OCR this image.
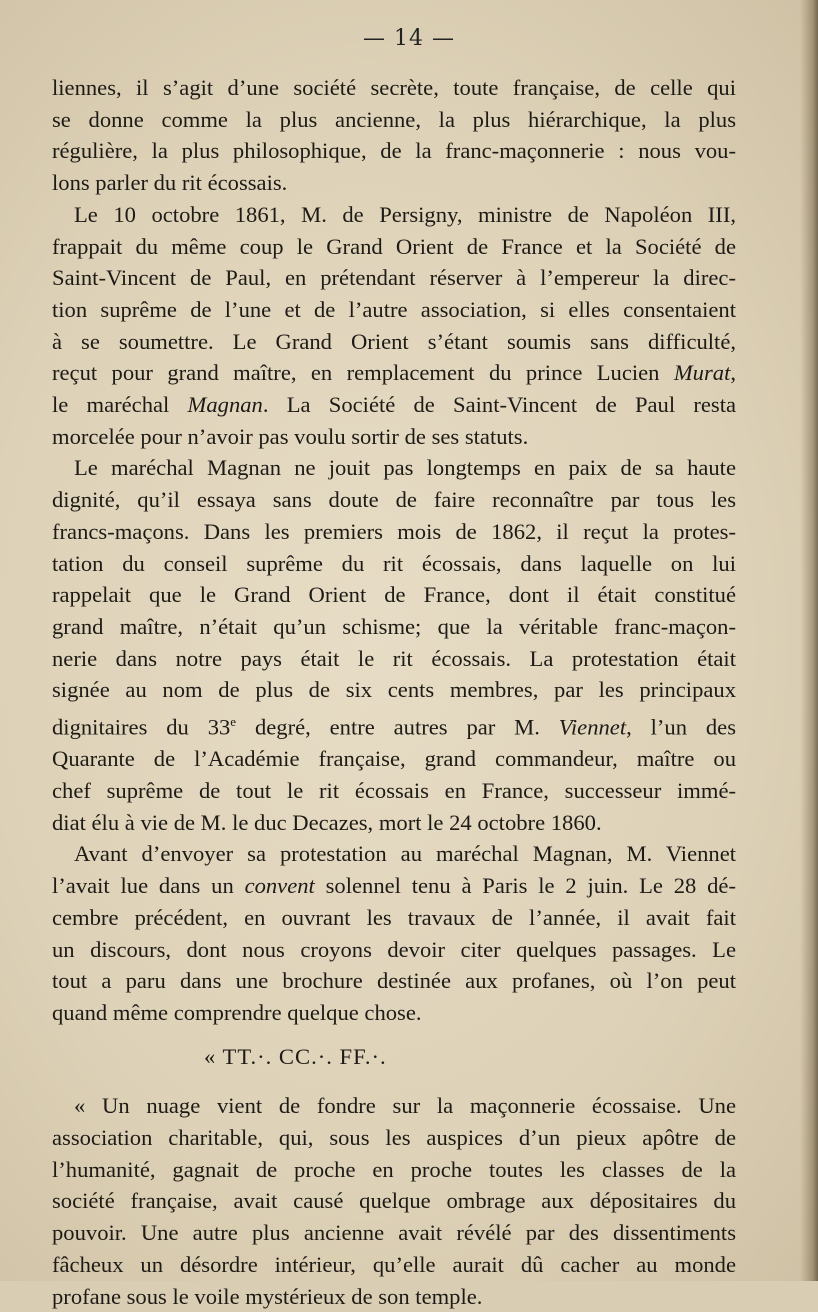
— 14 —
liennes, il s’agit d’une société secrète, toute française, de celle qui
se donne comme la plus ancienne, la plus hiérarchique, la plus
régulière, la plus philosophique, de la franc-maçonnerie : nous vou-
lons parler du rit écossais.
Le 10 octobre 1861, M. de Persigny, ministre de Napoléon III,
frappait du même coup le Grand Orient de France et la Société de
Saint-Vincent de Paul, en prétendant réserver à l’empereur la direc-
tion suprême de l’une et de l’autre association, si elles consentaient
à se soumettre. Le Grand Orient s’étant soumis sans difficulté,
reçut pour grand maître, en remplacement du prince Lucien Murat,
le maréchal Magnan. La Société de Saint-Vincent de Paul resta
morcelée pour n’avoir pas voulu sortir de ses statuts.
Le maréchal Magnan ne jouit pas longtemps en paix de sa haute
dignité, qu’il essaya sans doute de faire reconnaître par tous les
francs-maçons. Dans les premiers mois de 1862, il reçut la protes-
tation du conseil suprême du rit écossais, dans laquelle on lui
rappelait que le Grand Orient de France, dont il était constitué
grand maître, n’était qu’un schisme; que la véritable franc-maçon-
nerie dans notre pays était le rit écossais. La protestation était
signée au nom de plus de six cents membres, par les principaux
dignitaires du 33e degré, entre autres par M. Viennet, l’un des
Quarante de l’Académie française, grand commandeur, maître ou
chef suprême de tout le rit écossais en France, successeur immé-
diat élu à vie de M. le duc Decazes, mort le 24 octobre 1860.
Avant d’envoyer sa protestation au maréchal Magnan, M. Viennet
l’avait lue dans un convent solennel tenu à Paris le 2 juin. Le 28 dé-
cembre précédent, en ouvrant les travaux de l’année, il avait fait
un discours, dont nous croyons devoir citer quelques passages. Le
tout a paru dans une brochure destinée aux profanes, où l’on peut
quand même comprendre quelque chose.
« TT.·. CC.·. FF.·.
« Un nuage vient de fondre sur la maçonnerie écossaise. Une
association charitable, qui, sous les auspices d’un pieux apôtre de
l’humanité, gagnait de proche en proche toutes les classes de la
société française, avait causé quelque ombrage aux dépositaires du
pouvoir. Une autre plus ancienne avait révélé par des dissentiments
fâcheux un désordre intérieur, qu’elle aurait dû cacher au monde
profane sous le voile mystérieux de son temple.
